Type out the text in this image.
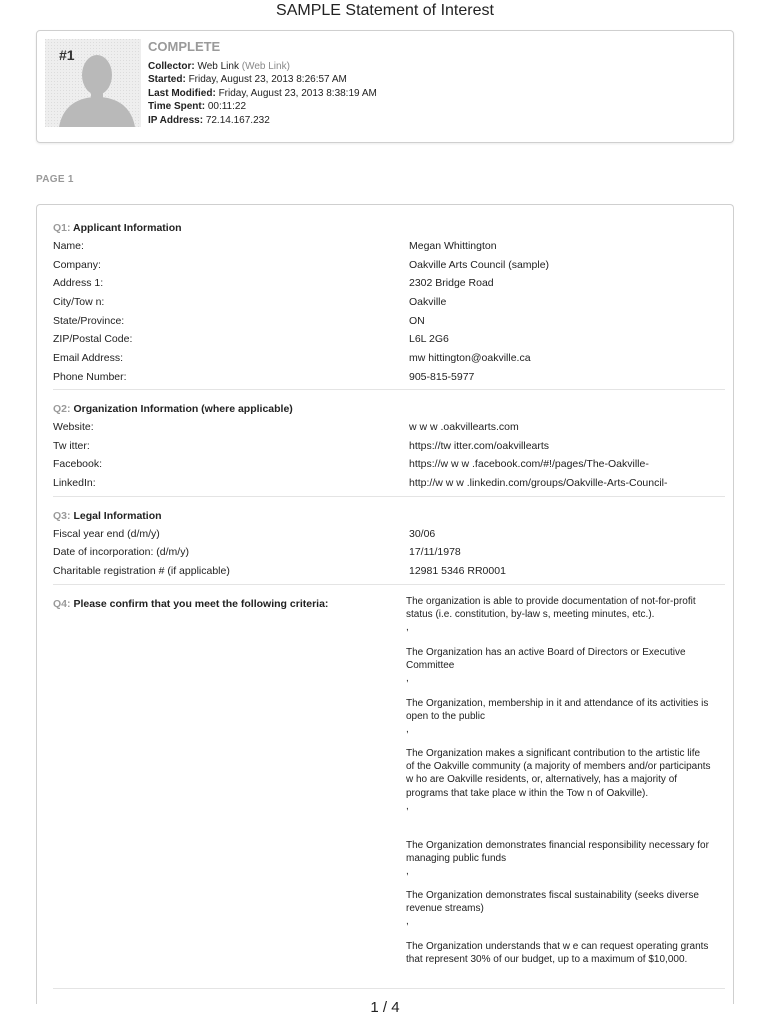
SAMPLE Statement of Interest
#1
COMPLETE
Collector: Web Link (Web Link)
Started: Friday, August 23, 2013 8:26:57 AM
Last Modified: Friday, August 23, 2013 8:38:19 AM
Time Spent: 00:11:22
IP Address: 72.14.167.232
PAGE 1
Q1: Applicant Information
Name:	Megan Whittington
Company:	Oakville Arts Council (sample)
Address 1:	2302 Bridge Road
City/Tow n:	Oakville
State/Province:	ON
ZIP/Postal Code:	L6L 2G6
Email Address:	mw hittington@oakville.ca
Phone Number:	905-815-5977
Q2: Organization Information (where applicable)
Website:	w w w .oakvillearts.com
Tw itter:	https://tw itter.com/oakvillearts
Facebook:	https://w w w .facebook.com/#!/pages/The-Oakville-
LinkedIn:	http://w w w .linkedin.com/groups/Oakville-Arts-Council-
Q3: Legal Information
Fiscal year end (d/m/y)	30/06
Date of incorporation: (d/m/y)	17/11/1978
Charitable registration # (if applicable)	12981 5346 RR0001
Q4: Please confirm that you meet the following criteria:	The organization is able to provide documentation of not-for-profit status (i.e. constitution, by-law s, meeting minutes, etc.).

,

The Organization has an active Board of Directors or Executive Committee

,

The Organization, membership in it and attendance of its activities is open to the public

,

The Organization makes a significant contribution to the artistic life of the Oakville community (a majority of members and/or participants w ho are Oakville residents, or, alternatively, has a majority of programs that take place w ithin the Tow n of Oakville).

,

The Organization demonstrates financial responsibility necessary for managing public funds

,

The Organization demonstrates fiscal sustainability (seeks diverse revenue streams)

,

The Organization understands that w e can request operating grants that represent 30% of our budget, up to a maximum of $10,000.

1 / 4
